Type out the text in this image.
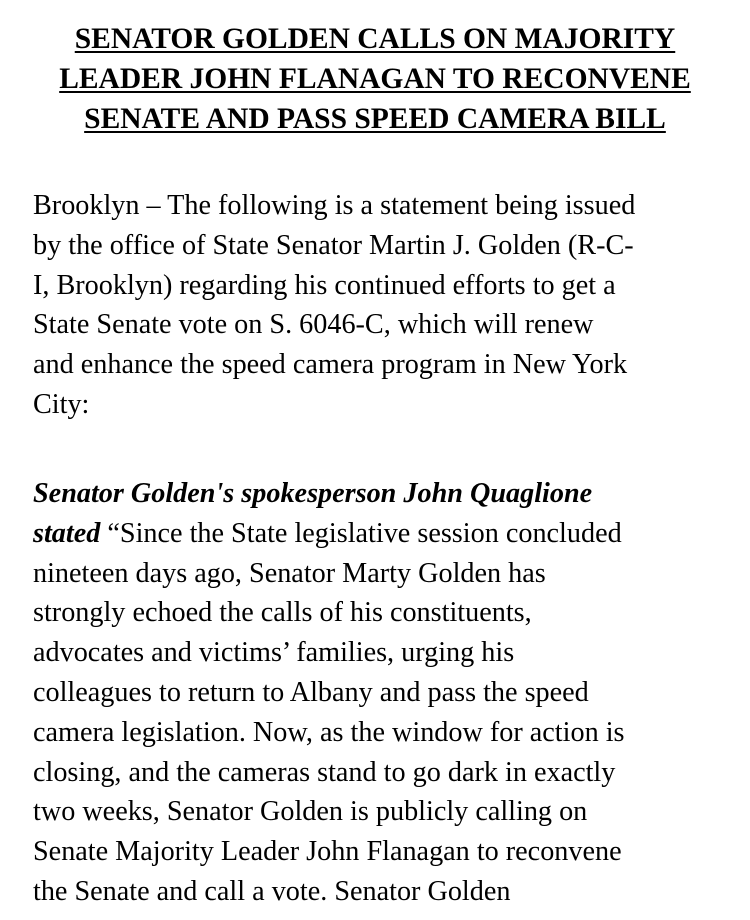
SENATOR GOLDEN CALLS ON MAJORITY
LEADER JOHN FLANAGAN TO RECONVENE
SENATE AND PASS SPEED CAMERA BILL

Brooklyn – The following is a statement being issued
by the office of State Senator Martin J. Golden (R-C-
I, Brooklyn) regarding his continued efforts to get a
State Senate vote on S. 6046-C, which will renew
and enhance the speed camera program in New York
City:

Senator Golden's spokesperson John Quaglione
stated “Since the State legislative session concluded
nineteen days ago, Senator Marty Golden has
strongly echoed the calls of his constituents,
advocates and victims’ families, urging his
colleagues to return to Albany and pass the speed
camera legislation. Now, as the window for action is
closing, and the cameras stand to go dark in exactly
two weeks, Senator Golden is publicly calling on
Senate Majority Leader John Flanagan to reconvene
the Senate and call a vote. Senator Golden
